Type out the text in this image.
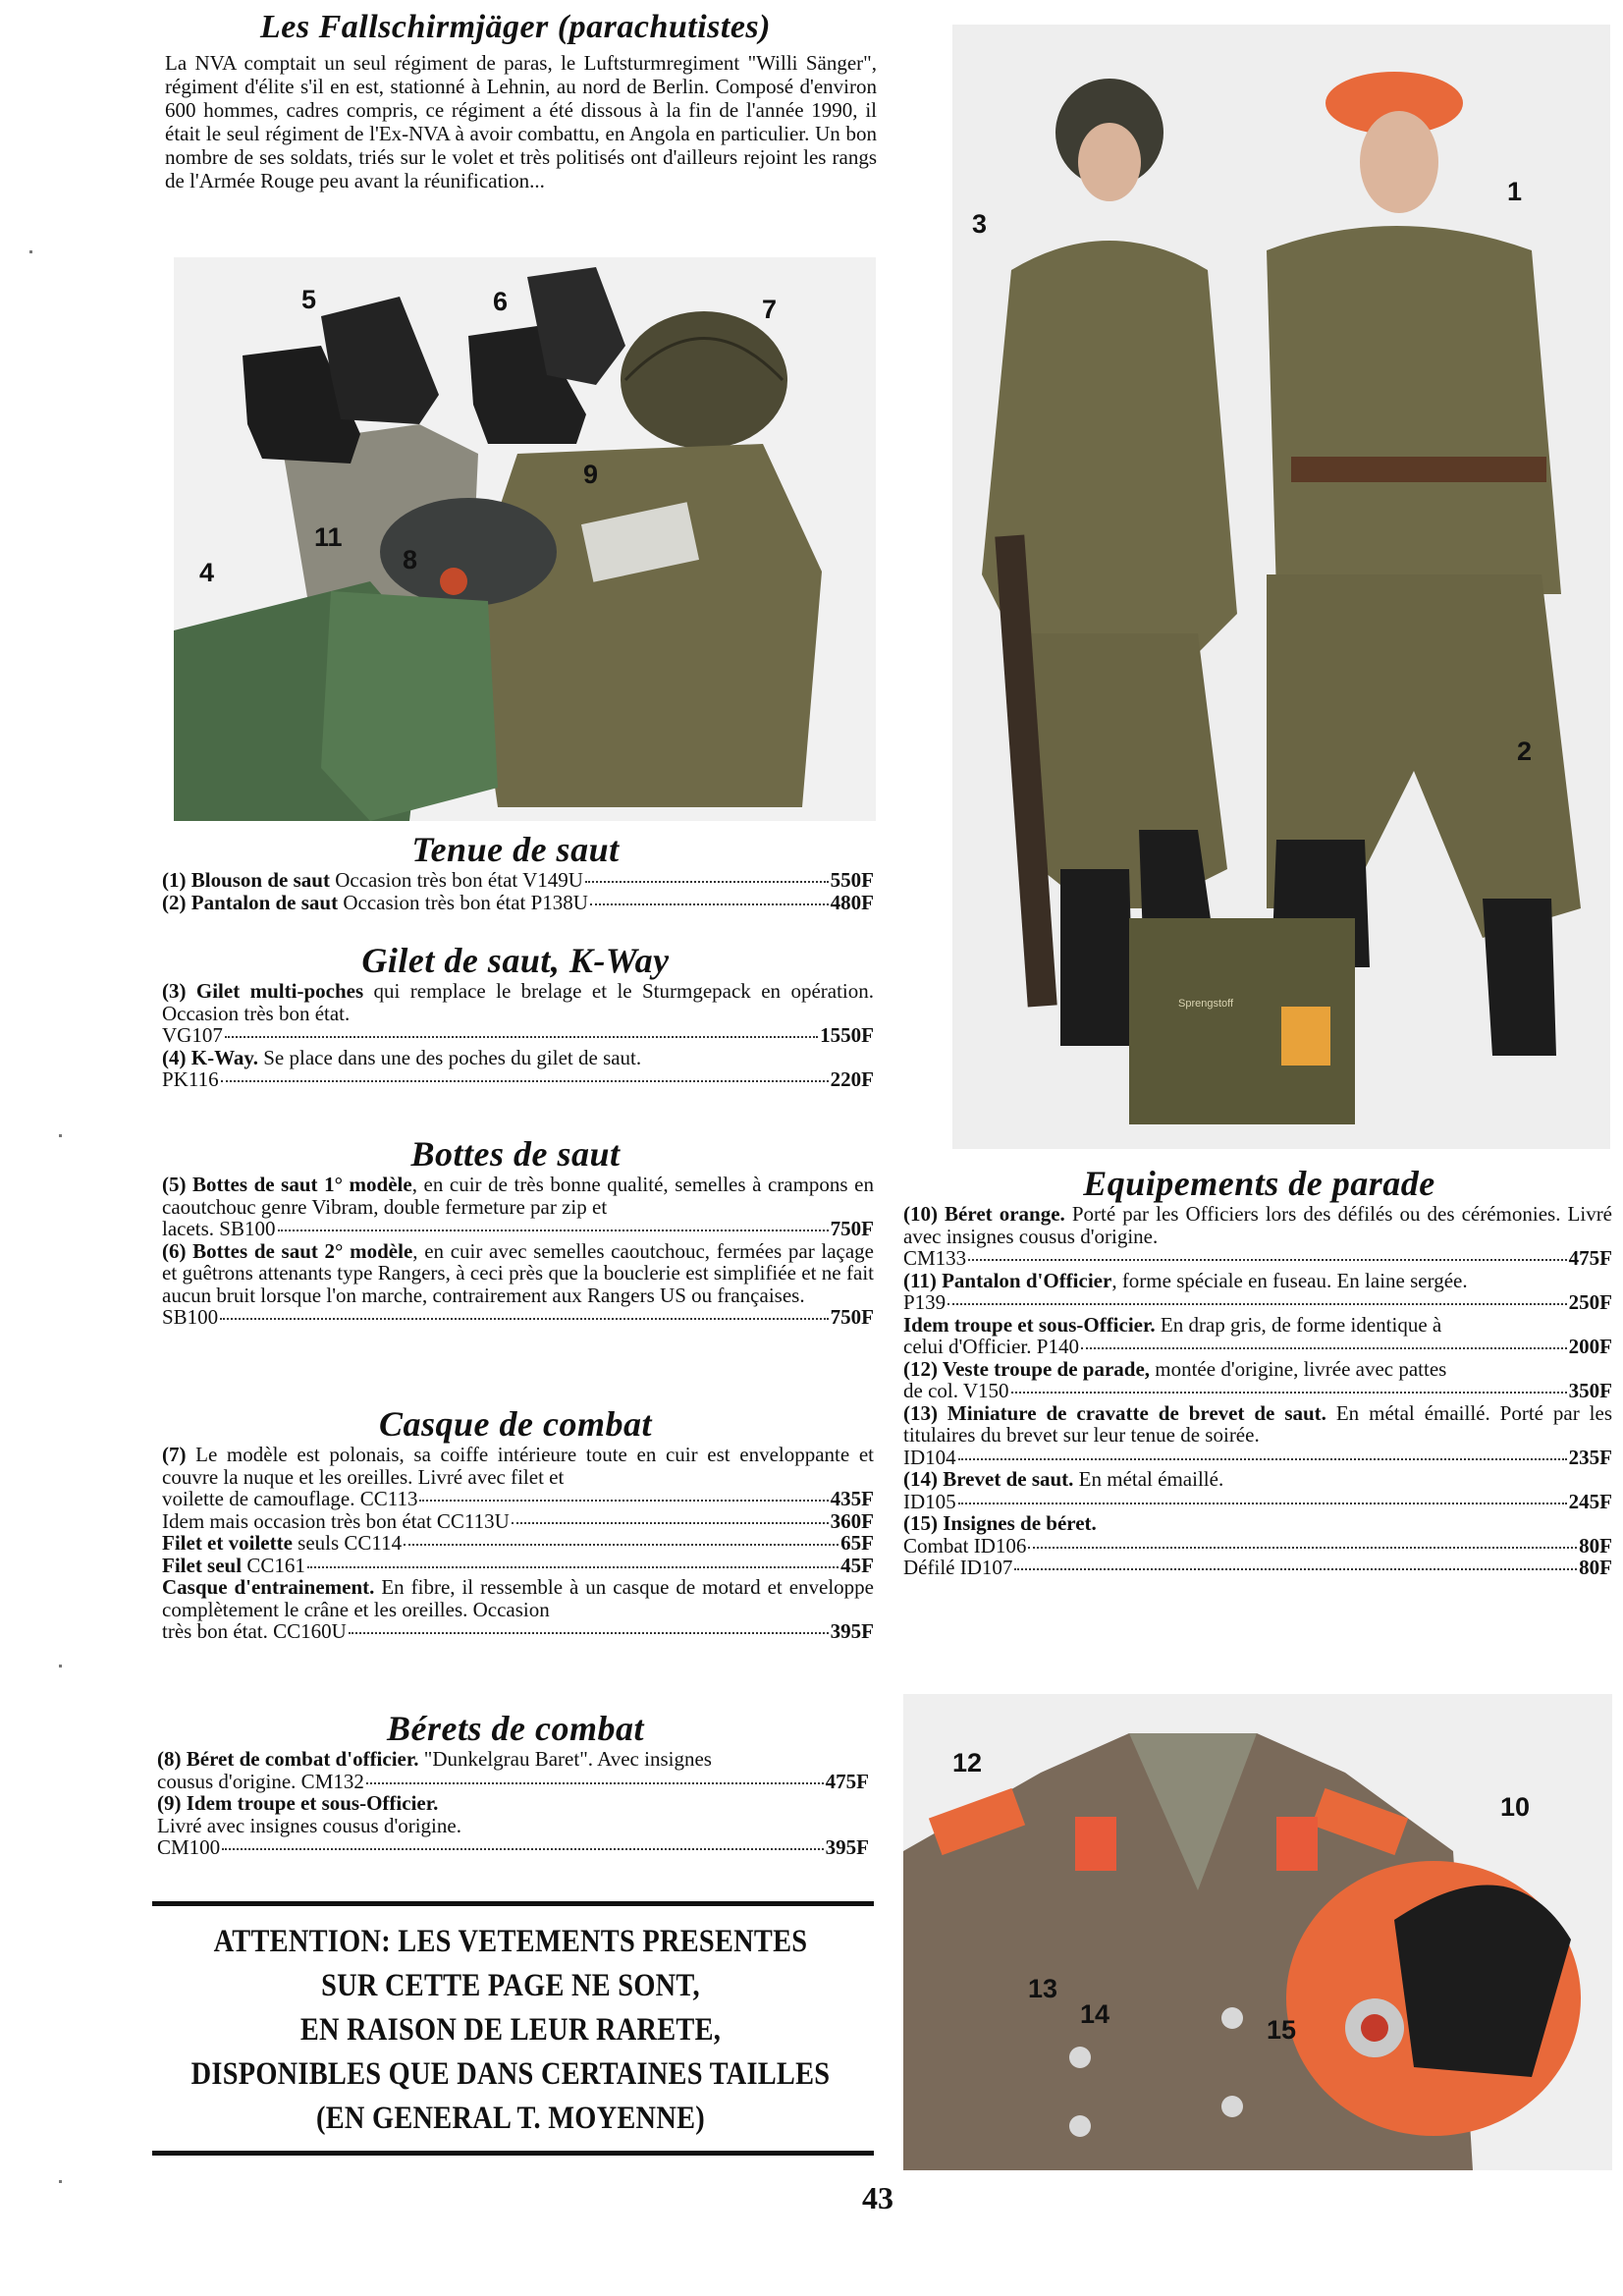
Les Fallschirmjäger (parachutistes)

La NVA comptait un seul régiment de paras, le Luftsturmregiment "Willi Sänger", régiment d'élite s'il en est, stationné à Lehnin, au nord de Berlin. Composé d'environ 600 hommes, cadres compris, ce régiment a été dissous à la fin de l'année 1990, il était le seul régiment de l'Ex-NVA à avoir combattu, en Angola en particulier. Un bon nombre de ses soldats, triés sur le volet et très politisés ont d'ailleurs rejoint les rangs de l'Armée Rouge peu avant la réunification...

5	6	7
11
9
4	8
Tenue de saut
(1) Blouson de saut Occasion très bon état V149U	550F
(2) Pantalon de saut Occasion très bon état P138U	480F
Gilet de saut, K-Way

(3) Gilet multi-poches qui remplace le brelage et le Sturmgepack en opération. Occasion très bon état.

VG107	1550F

(4) K-Way. Se place dans une des poches du gilet de saut.

PK116	220F
Bottes de saut

(5) Bottes de saut 1° modèle, en cuir de très bonne qualité, semelles à crampons en caoutchouc genre Vibram, double fermeture par zip et

lacets. SB100	750F

(6) Bottes de saut 2° modèle, en cuir avec semelles caoutchouc, fermées par laçage et guêtrons attenants type Rangers, à ceci près que la bouclerie est simplifiée et ne fait aucun bruit lorsque l'on marche, contrairement aux Rangers US ou françaises.

SB100	750F
Casque de combat

(7) Le modèle est polonais, sa coiffe intérieure toute en cuir est enveloppante et couvre la nuque et les oreilles. Livré avec filet et

voilette de camouflage. CC113	435F
Idem mais occasion très bon état CC113U	360F
Filet et voilette seuls CC114	65F
Filet seul CC161	45F

Casque d'entrainement. En fibre, il ressemble à un casque de motard et enveloppe complètement le crâne et les oreilles. Occasion

très bon état. CC160U	395F
Bérets de combat

(8) Béret de combat d'officier. "Dunkelgrau Baret". Avec insignes

cousus d'origine. CM132	475F

(9) Idem troupe et sous-Officier.

Livré avec insignes cousus d'origine.

CM100	395F
ATTENTION: LES VETEMENTS PRESENTES
SUR CETTE PAGE NE SONT,
EN RAISON DE LEUR RARETE,
DISPONIBLES QUE DANS CERTAINES TAILLES
(EN GENERAL T. MOYENNE)
Sprengstoff
3
1
2
Equipements de parade

(10) Béret orange. Porté par les Officiers lors des défilés ou des cérémonies. Livré avec insignes cousus d'origine.

CM133	475F

(11) Pantalon d'Officier, forme spéciale en fuseau. En laine sergée.

P139	250F

Idem troupe et sous-Officier. En drap gris, de forme identique à

celui d'Officier. P140	200F

(12) Veste troupe de parade, montée d'origine, livrée avec pattes

de col. V150	350F

(13) Miniature de cravatte de brevet de saut. En métal émaillé. Porté par les titulaires du brevet sur leur tenue de soirée.

ID104	235F

(14) Brevet de saut. En métal émaillé.

ID105	245F

(15) Insignes de béret.

Combat ID106	80F
Défilé ID107	80F
12
10
13
14
15
43
